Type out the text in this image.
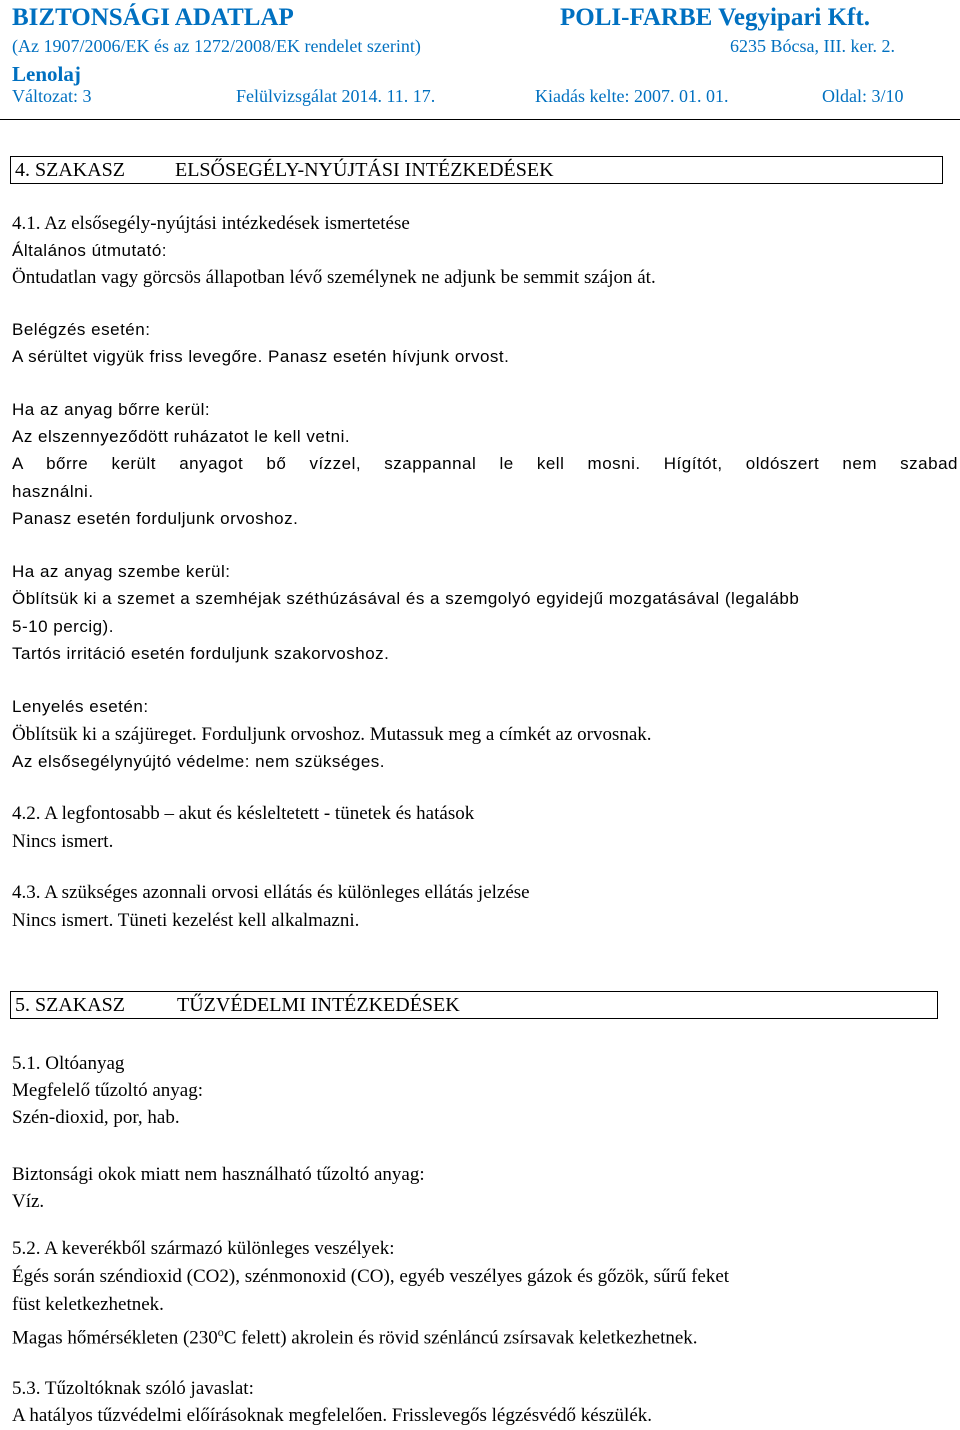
BIZTONSÁGI ADATLAP	POLI-FARBE Vegyipari Kft.
(Az 1907/2006/EK és az 1272/2008/EK rendelet szerint)	6235 Bócsa, III. ker. 2.
Lenolaj
Változat: 3	Felülvizsgálat 2014. 11. 17.	Kiadás kelte: 2007. 01. 01.	Oldal: 3/10
4. SZAKASZ ELSŐSEGÉLY-NYÚJTÁSI INTÉZKEDÉSEK
4.1. Az elsősegély-nyújtási intézkedések ismertetése
Általános útmutató:
Öntudatlan vagy görcsös állapotban lévő személynek ne adjunk be semmit szájon át.
Belégzés esetén:
A sérültet vigyük friss levegőre. Panasz esetén hívjunk orvost.
Ha az anyag bőrre kerül:
Az elszennyeződött ruházatot le kell vetni.
A bőrre került anyagot bő vízzel, szappannal le kell mosni. Hígítót, oldószert nem szabad
használni.
Panasz esetén forduljunk orvoshoz.
Ha az anyag szembe kerül:
Öblítsük ki a szemet a szemhéjak széthúzásával és a szemgolyó egyidejű mozgatásával (legalább
5-10 percig).
Tartós irritáció esetén forduljunk szakorvoshoz.
Lenyelés esetén:
Öblítsük ki a szájüreget. Forduljunk orvoshoz. Mutassuk meg a címkét az orvosnak.
Az elsősegélynyújtó védelme: nem szükséges.
4.2. A legfontosabb – akut és késleltetett - tünetek és hatások
Nincs ismert.
4.3. A szükséges azonnali orvosi ellátás és különleges ellátás jelzése
Nincs ismert. Tüneti kezelést kell alkalmazni.
5. SZAKASZ	TŰZVÉDELMI INTÉZKEDÉSEK
5.1. Oltóanyag
Megfelelő tűzoltó anyag:
Szén-dioxid, por, hab.
Biztonsági okok miatt nem használható tűzoltó anyag:
Víz.
5.2. A keverékből származó különleges veszélyek:
Égés során széndioxid (CO2), szénmonoxid (CO), egyéb veszélyes gázok és gőzök, sűrű feket
füst keletkezhetnek.
Magas hőmérsékleten (230$^o$C felett) akrolein és rövid szénláncú zsírsavak keletkezhetnek.
5.3. Tűzoltóknak szóló javaslat:
A hatályos tűzvédelmi előírásoknak megfelelően. Frisslevegős légzésvédő készülék.
